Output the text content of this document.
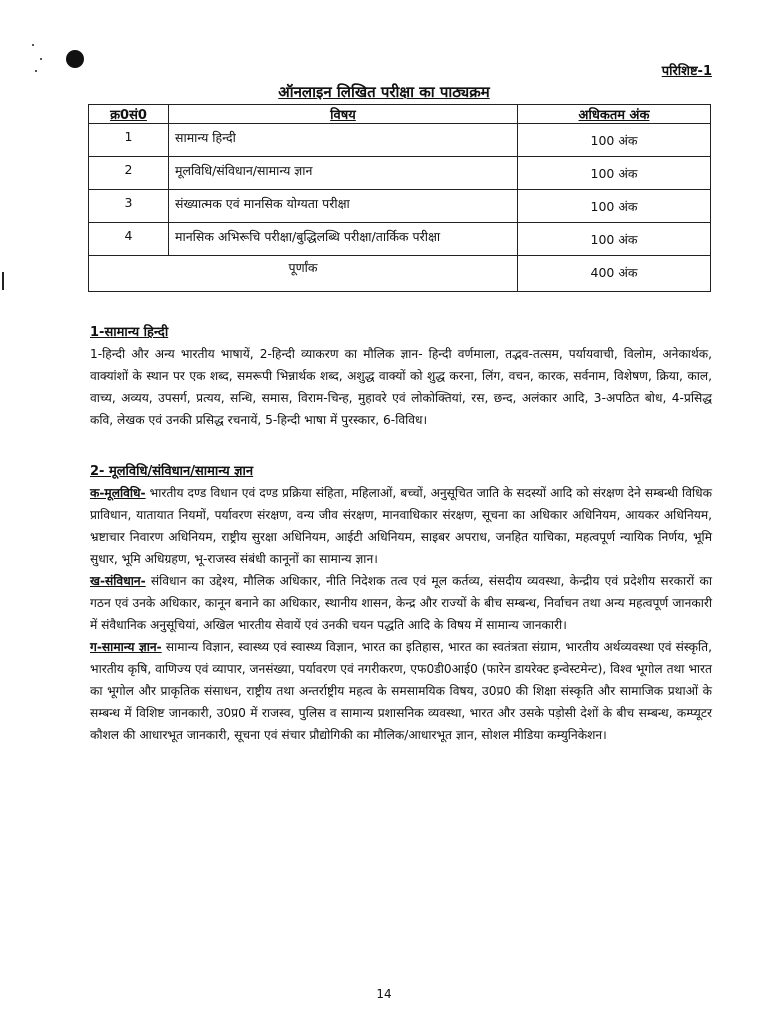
परिशिष्ट-1
ऑनलाइन लिखित परीक्षा का पाठ्यक्रम
क्र0सं0	विषय	अधिकतम अंक
1	सामान्य हिन्दी	100 अंक
2	मूलविधि/संविधान/सामान्य ज्ञान	100 अंक
3	संख्यात्मक एवं मानसिक योग्यता परीक्षा	100 अंक
4	मानसिक अभिरूचि परीक्षा/बुद्धिलब्धि परीक्षा/तार्किक परीक्षा	100 अंक
पूर्णांक		400 अंक

1-सामान्य हिन्दी

1-हिन्दी और अन्य भारतीय भाषायें, 2-हिन्दी व्याकरण का मौलिक ज्ञान- हिन्दी वर्णमाला, तद्भव-तत्सम, पर्यायवाची, विलोम, अनेकार्थक, वाक्यांशों के स्थान पर एक शब्द, समरूपी भिन्नार्थक शब्द, अशुद्ध वाक्यों को शुद्ध करना, लिंग, वचन, कारक, सर्वनाम, विशेषण, क्रिया, काल, वाच्य, अव्यय, उपसर्ग, प्रत्यय, सन्धि, समास, विराम-चिन्ह, मुहावरे एवं लोकोक्तियां, रस, छन्द, अलंकार आदि, 3-अपठित बोध, 4-प्रसिद्ध कवि, लेखक एवं उनकी प्रसिद्ध रचनायें, 5-हिन्दी भाषा में पुरस्कार, 6-विविध।

2- मूलविधि/संविधान/सामान्य ज्ञान

क-मूलविधि- भारतीय दण्ड विधान एवं दण्ड प्रक्रिया संहिता, महिलाओं, बच्चों, अनुसूचित जाति के सदस्यों आदि को संरक्षण देने सम्बन्धी विधिक प्राविधान, यातायात नियमों, पर्यावरण संरक्षण, वन्य जीव संरक्षण, मानवाधिकार संरक्षण, सूचना का अधिकार अधिनियम, आयकर अधिनियम, भ्रष्टाचार निवारण अधिनियम, राष्ट्रीय सुरक्षा अधिनियम, आईटी अधिनियम, साइबर अपराध, जनहित याचिका, महत्वपूर्ण न्यायिक निर्णय, भूमि सुधार, भूमि अधिग्रहण, भू-राजस्व संबंधी कानूनों का सामान्य ज्ञान।

ख-संविधान- संविधान का उद्देश्य, मौलिक अधिकार, नीति निदेशक तत्व एवं मूल कर्तव्य, संसदीय व्यवस्था, केन्द्रीय एवं प्रदेशीय सरकारों का गठन एवं उनके अधिकार, कानून बनाने का अधिकार, स्थानीय शासन, केन्द्र और राज्यों के बीच सम्बन्ध, निर्वाचन तथा अन्य महत्वपूर्ण जानकारी में संवैधानिक अनुसूचियां, अखिल भारतीय सेवायें एवं उनकी चयन पद्धति आदि के विषय में सामान्य जानकारी।

ग-सामान्य ज्ञान- सामान्य विज्ञान, स्वास्थ्य एवं स्वास्थ्य विज्ञान, भारत का इतिहास, भारत का स्वतंत्रता संग्राम, भारतीय अर्थव्यवस्था एवं संस्कृति, भारतीय कृषि, वाणिज्य एवं व्यापार, जनसंख्या, पर्यावरण एवं नगरीकरण, एफ0डी0आई0 (फारेन डायरेक्ट इन्वेस्टमेन्ट), विश्व भूगोल तथा भारत का भूगोल और प्राकृतिक संसाधन, राष्ट्रीय तथा अन्तर्राष्ट्रीय महत्व के समसामयिक विषय, उ0प्र0 की शिक्षा संस्कृति और सामाजिक प्रथाओं के सम्बन्ध में विशिष्ट जानकारी, उ0प्र0 में राजस्व, पुलिस व सामान्य प्रशासनिक व्यवस्था, भारत और उसके पड़ोसी देशों के बीच सम्बन्ध, कम्प्यूटर कौशल की आधारभूत जानकारी, सूचना एवं संचार प्रौद्योगिकी का मौलिक/आधारभूत ज्ञान, सोशल मीडिया कम्युनिकेशन।

14
